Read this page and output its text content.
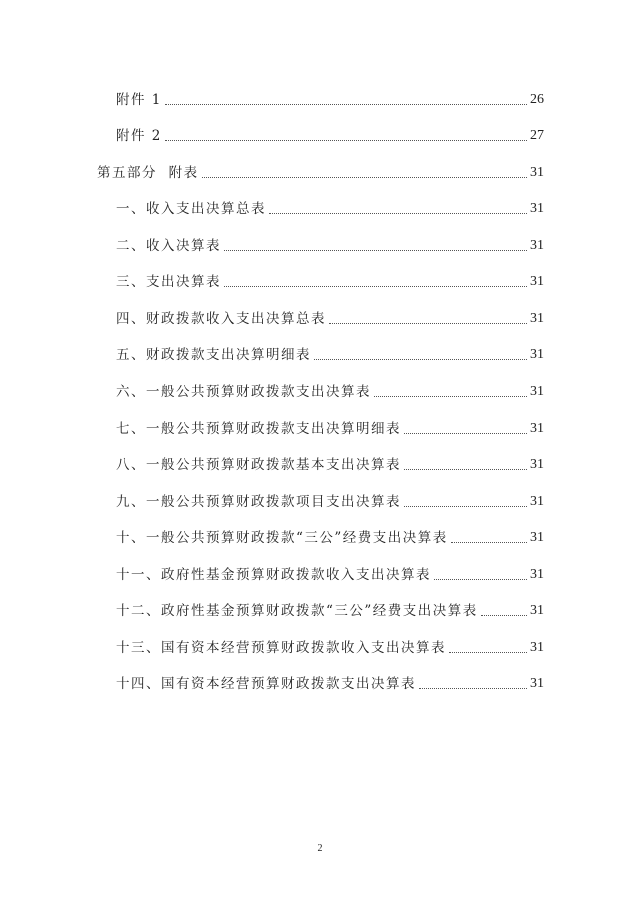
附件 1	26
附件 2	27
第五部分  附表	31
一、收入支出决算总表	31
二、收入决算表	31
三、支出决算表	31
四、财政拨款收入支出决算总表	31
五、财政拨款支出决算明细表	31
六、一般公共预算财政拨款支出决算表	31
七、一般公共预算财政拨款支出决算明细表	31
八、一般公共预算财政拨款基本支出决算表	31
九、一般公共预算财政拨款项目支出决算表	31
十、一般公共预算财政拨款“三公”经费支出决算表	31
十一、政府性基金预算财政拨款收入支出决算表	31
十二、政府性基金预算财政拨款“三公”经费支出决算表	31
十三、国有资本经营预算财政拨款收入支出决算表	31
十四、国有资本经营预算财政拨款支出决算表	31
2
